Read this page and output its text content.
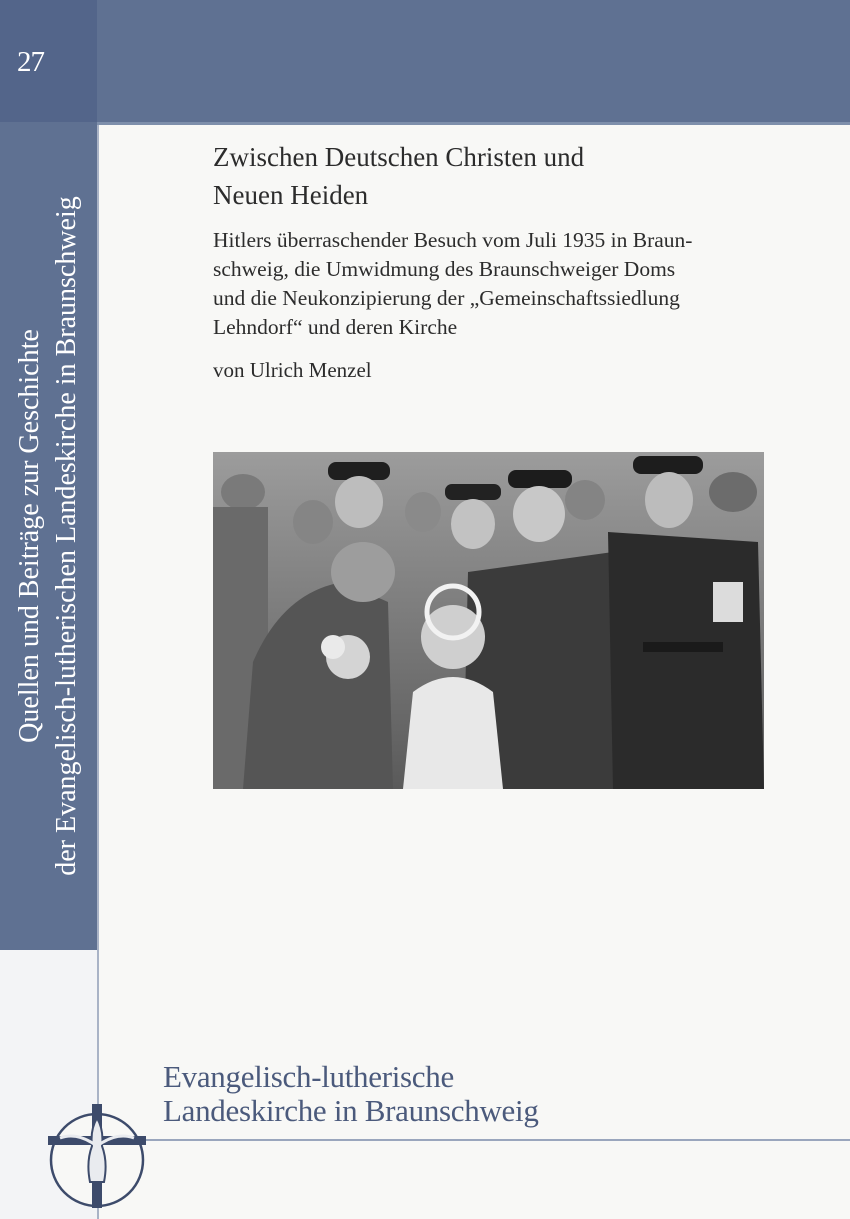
27
Quellen und Beiträge zur Geschichte der Evangelisch-lutherischen Landeskirche in Braunschweig
Zwischen Deutschen Christen und
Neuen Heiden
Hitlers überraschender Besuch vom Juli 1935 in Braun-
schweig, die Umwidmung des Braunschweiger Doms
und die Neukonzipierung der „Gemeinschaftssiedlung
Lehndorf“ und deren Kirche
von Ulrich Menzel
Evangelisch-lutherische
Landeskirche in Braunschweig
